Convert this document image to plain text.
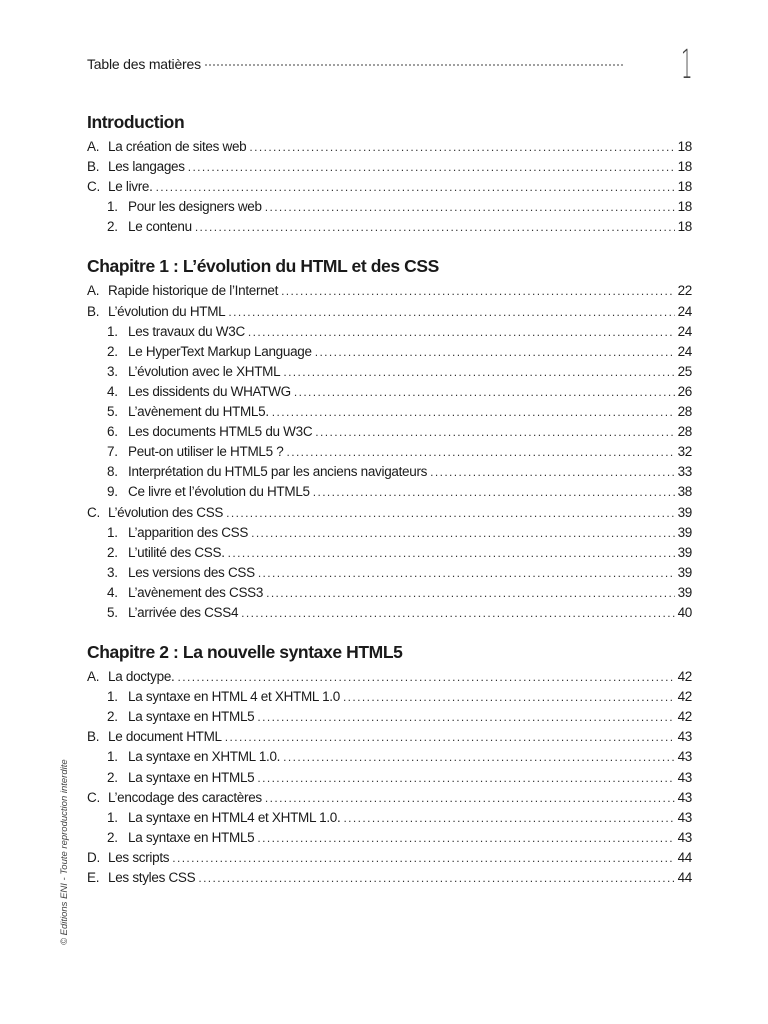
Table des matières	1
Introduction
A. La création de sites web .....	18
B. Les langages .....	18
C. Le livre. .....	18
1. Pour les designers web .....	18
2. Le contenu .....	18
Chapitre 1 : L’évolution du HTML et des CSS
A. Rapide historique de l’Internet .....	22
B. L’évolution du HTML .....	24
1. Les travaux du W3C .....	24
2. Le HyperText Markup Language .....	24
3. L’évolution avec le XHTML .....	25
4. Les dissidents du WHATWG .....	26
5. L’avènement du HTML5. .....	28
6. Les documents HTML5 du W3C .....	28
7. Peut-on utiliser le HTML5 ? .....	32
8. Interprétation du HTML5 par les anciens navigateurs .....	33
9. Ce livre et l’évolution du HTML5 .....	38
C. L’évolution des CSS .....	39
1. L’apparition des CSS .....	39
2. L’utilité des CSS. .....	39
3. Les versions des CSS .....	39
4. L’avènement des CSS3 .....	39
5. L’arrivée des CSS4 .....	40
Chapitre 2 : La nouvelle syntaxe HTML5
A. La doctype. .....	42
1. La syntaxe en HTML 4 et XHTML 1.0 .....	42
2. La syntaxe en HTML5 .....	42
B. Le document HTML .....	43
1. La syntaxe en XHTML 1.0. .....	43
2. La syntaxe en HTML5 .....	43
C. L’encodage des caractères .....	43
1. La syntaxe en HTML4 et XHTML 1.0. .....	43
2. La syntaxe en HTML5 .....	43
D. Les scripts .....	44
E. Les styles CSS .....	44
© Editions ENI - Toute reproduction interdite
